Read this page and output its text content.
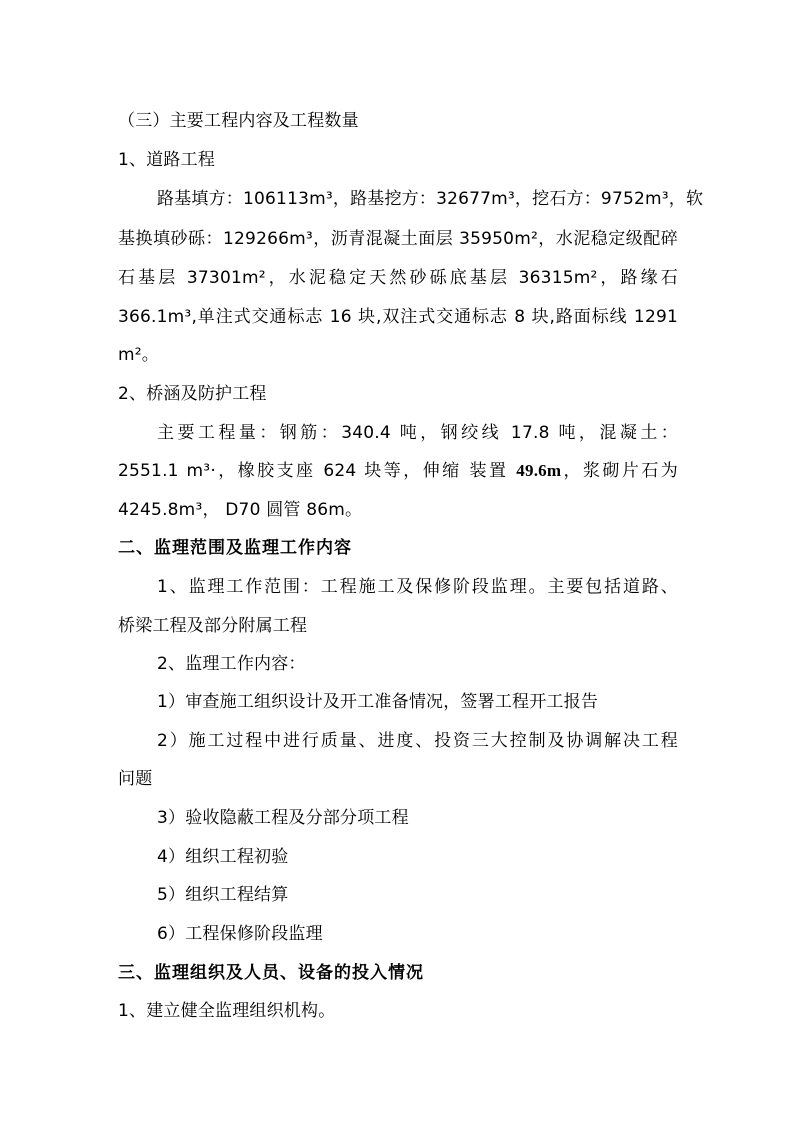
（三）主要工程内容及工程数量
1、道路工程
路基填方：106113m³，路基挖方：32677m³，挖石方：9752m³，软
基换填砂砾：129266m³，沥青混凝土面层 35950m²，水泥稳定级配碎
石基层 37301m²，水泥稳定天然砂砾底基层 36315m²，路缘石
366.1m³,单注式交通标志 16 块,双注式交通标志 8 块,路面标线 1291
m²。
2、桥涵及防护工程
主要工程量：钢筋：340.4 吨，钢绞线 17.8 吨，混凝土：
2551.1 m³·，橡胶支座 624 块等，伸缩 装置 49.6m，浆砌片石为
4245.8m³， D70 圆管 86m。
二、监理范围及监理工作内容
1、监理工作范围：工程施工及保修阶段监理。主要包括道路、
桥梁工程及部分附属工程
2、监理工作内容：
1）审查施工组织设计及开工准备情况，签署工程开工报告
2）施工过程中进行质量、进度、投资三大控制及协调解决工程
问题
3）验收隐蔽工程及分部分项工程
4）组织工程初验
5）组织工程结算
6）工程保修阶段监理
三、监理组织及人员、设备的投入情况
1、建立健全监理组织机构。
